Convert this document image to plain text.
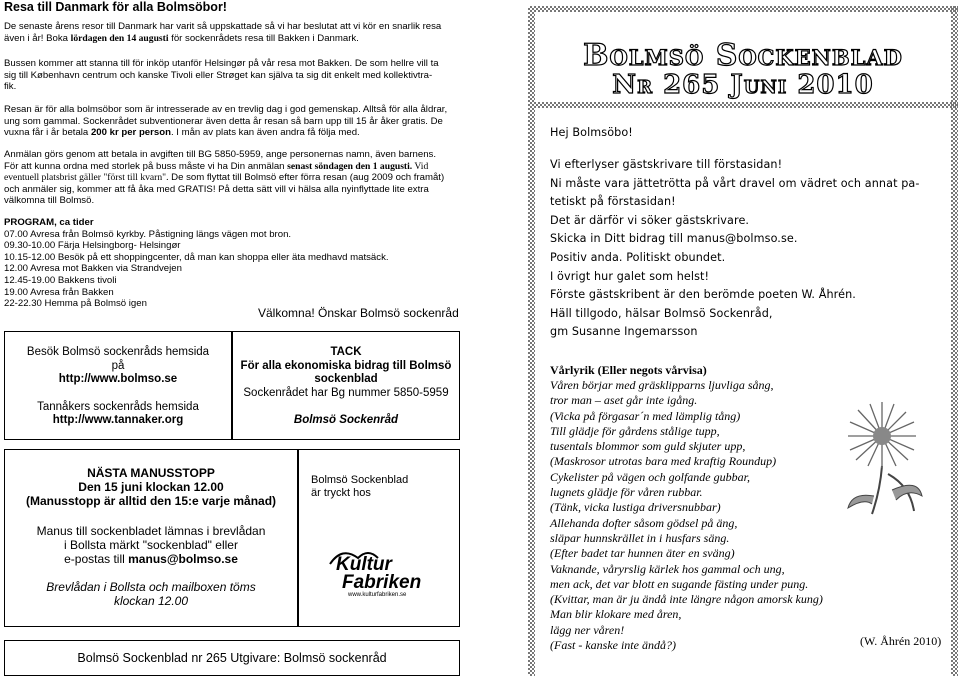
Resa till Danmark för alla Bolmsöbor!
De senaste årens resor till Danmark har varit så uppskattade så vi har beslutat att vi kör en snarlik resa
även i år! Boka lördagen den 14 augusti för sockenrådets resa till Bakken i Danmark.
Bussen kommer att stanna till för inköp utanför Helsingør på vår resa mot Bakken. De som hellre vill ta
sig till København centrum och kanske Tivoli eller Strøget kan själva ta sig dit enkelt med kollektivtra-
fik.
Resan är för alla bolmsöbor som är intresserade av en trevlig dag i god gemenskap. Alltså för alla åldrar,
ung som gammal. Sockenrådet subventionerar även detta år resan så barn upp till 15 år åker gratis. De
vuxna får i år betala 200 kr per person. I mån av plats kan även andra få följa med.
Anmälan görs genom att betala in avgiften till BG 5850-5959, ange personernas namn, även barnens.
För att kunna ordna med storlek på buss måste vi ha Din anmälan senast söndagen den 1 augusti. Vid
eventuell platsbrist gäller "först till kvarn". De som flyttat till Bolmsö efter förra resan (aug 2009 och framåt)
och anmäler sig, kommer att få åka med GRATIS! På detta sätt vill vi hälsa alla nyinflyttade lite extra
välkomna till Bolmsö.
PROGRAM, ca tider
07.00 Avresa från Bolmsö kyrkby. Påstigning längs vägen mot bron.
09.30-10.00 Färja Helsingborg- Helsingør
10.15-12.00 Besök på ett shoppingcenter, då man kan shoppa eller äta medhavd matsäck.
12.00 Avresa mot Bakken via Strandvejen
12.45-19.00 Bakkens tivoli
19.00 Avresa från Bakken
22-22.30 Hemma på Bolmsö igen
Välkomna! Önskar Bolmsö sockenråd
Besök Bolmsö sockenråds hemsida
på
http://www.bolmso.se
Tannåkers sockenråds hemsida
http://www.tannaker.org
TACK
För alla ekonomiska bidrag till Bolmsö
sockenblad
Sockenrådet har Bg nummer 5850-5959
Bolmsö Sockenråd
NÄSTA MANUSSTOPP
Den 15 juni klockan 12.00
(Manusstopp är alltid den 15:e varje månad)
Manus till sockenbladet lämnas i brevlådan
i Bollsta märkt "sockenblad" eller
e-postas till manus@bolmso.se
Brevlådan i Bollsta och mailboxen töms
klockan 12.00
Bolmsö Sockenblad
är tryckt hos
Kultur
Fabriken
www.kulturfabriken.se
Bolmsö Sockenblad nr 265 Utgivare: Bolmsö sockenråd
Bolmsö Sockenblad
Nr 265 Juni 2010
Hej Bolmsöbo!
Vi efterlyser gästskrivare till förstasidan!
Ni måste vara jättetrötta på vårt dravel om vädret och annat pa-
tetiskt på förstasidan!
Det är därför vi söker gästskrivare.
Skicka in Ditt bidrag till manus@bolmso.se.
Positiv anda. Politiskt obundet.
I övrigt hur galet som helst!
Förste gästskribent är den berömde poeten W. Åhrén.
Häll tillgodo, hälsar Bolmsö Sockenråd,
gm Susanne Ingemarsson
Vårlyrik (Eller negots vårvisa)
Våren börjar med gräsklipparns ljuvliga sång,
tror man – aset går inte igång.
(Vicka på förgasar´n med lämplig tång)
Till glädje för gårdens stålige tupp,
tusentals blommor som guld skjuter upp,
(Maskrosor utrotas bara med kraftig Roundup)
Cykelister på vägen och golfande gubbar,
lugnets glädje för våren rubbar.
(Tänk, vicka lustiga driversnubbar)
Allehanda dofter såsom gödsel på äng,
släpar hunnskrället in i husfars säng.
(Efter badet tar hunnen äter en sväng)
Vaknande, våryrslig kärlek hos gammal och ung,
men ack, det var blott en sugande fästing under pung.
(Kvittar, man är ju ändå inte längre någon amorsk kung)
Man blir klokare med åren,
lägg ner våren!
(Fast - kanske inte ändå?)	(W. Åhrén 2010)
